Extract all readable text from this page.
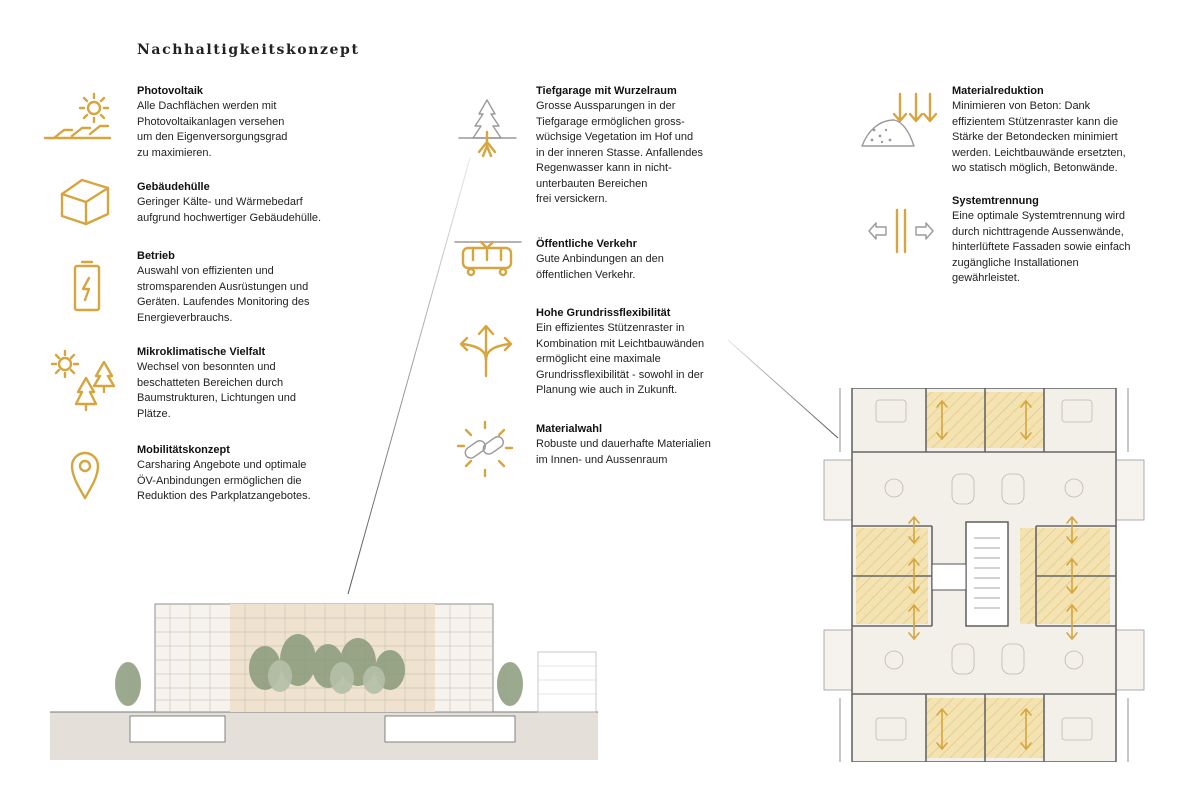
Nachhaltigkeitskonzept
Photovoltaik

Alle Dachflächen werden mit
Photovoltaikanlagen versehen
um den Eigenversorgungsgrad
zu maximieren.

Gebäudehülle

Geringer Kälte- und Wärmebedarf
aufgrund hochwertiger Gebäudehülle.

Betrieb

Auswahl von effizienten und
stromsparenden Ausrüstungen und
Geräten. Laufendes Monitoring des
Energieverbrauchs.

Mikroklimatische Vielfalt

Wechsel von besonnten und
beschatteten Bereichen durch
Baumstrukturen, Lichtungen und
Plätze.

Mobilitätskonzept

Carsharing Angebote und optimale
ÖV-Anbindungen ermöglichen die
Reduktion des Parkplatzangebotes.

Tiefgarage mit Wurzelraum

Grosse Aussparungen in der
Tiefgarage ermöglichen gross-
wüchsige Vegetation im Hof und
in der inneren Stasse. Anfallendes
Regenwasser kann in nicht-
unterbauten Bereichen
frei versickern.

Öffentliche Verkehr

Gute Anbindungen an den
öffentlichen Verkehr.

Hohe Grundrissflexibilität

Ein effizientes Stützenraster in
Kombination mit Leichtbauwänden
ermöglicht eine maximale
Grundrissflexibilität - sowohl in der
Planung wie auch in Zukunft.

Materialwahl

Robuste und dauerhafte Materialien
im Innen- und Aussenraum

Materialreduktion

Minimieren von Beton: Dank
effizientem Stützenraster kann die
Stärke der Betondecken minimiert
werden. Leichtbauwände ersetzten,
wo statisch möglich, Betonwände.

Systemtrennung

Eine optimale Systemtrennung wird
durch nichttragende Aussenwände,
hinterlüftete Fassaden sowie einfach
zugängliche Installationen
gewährleistet.
